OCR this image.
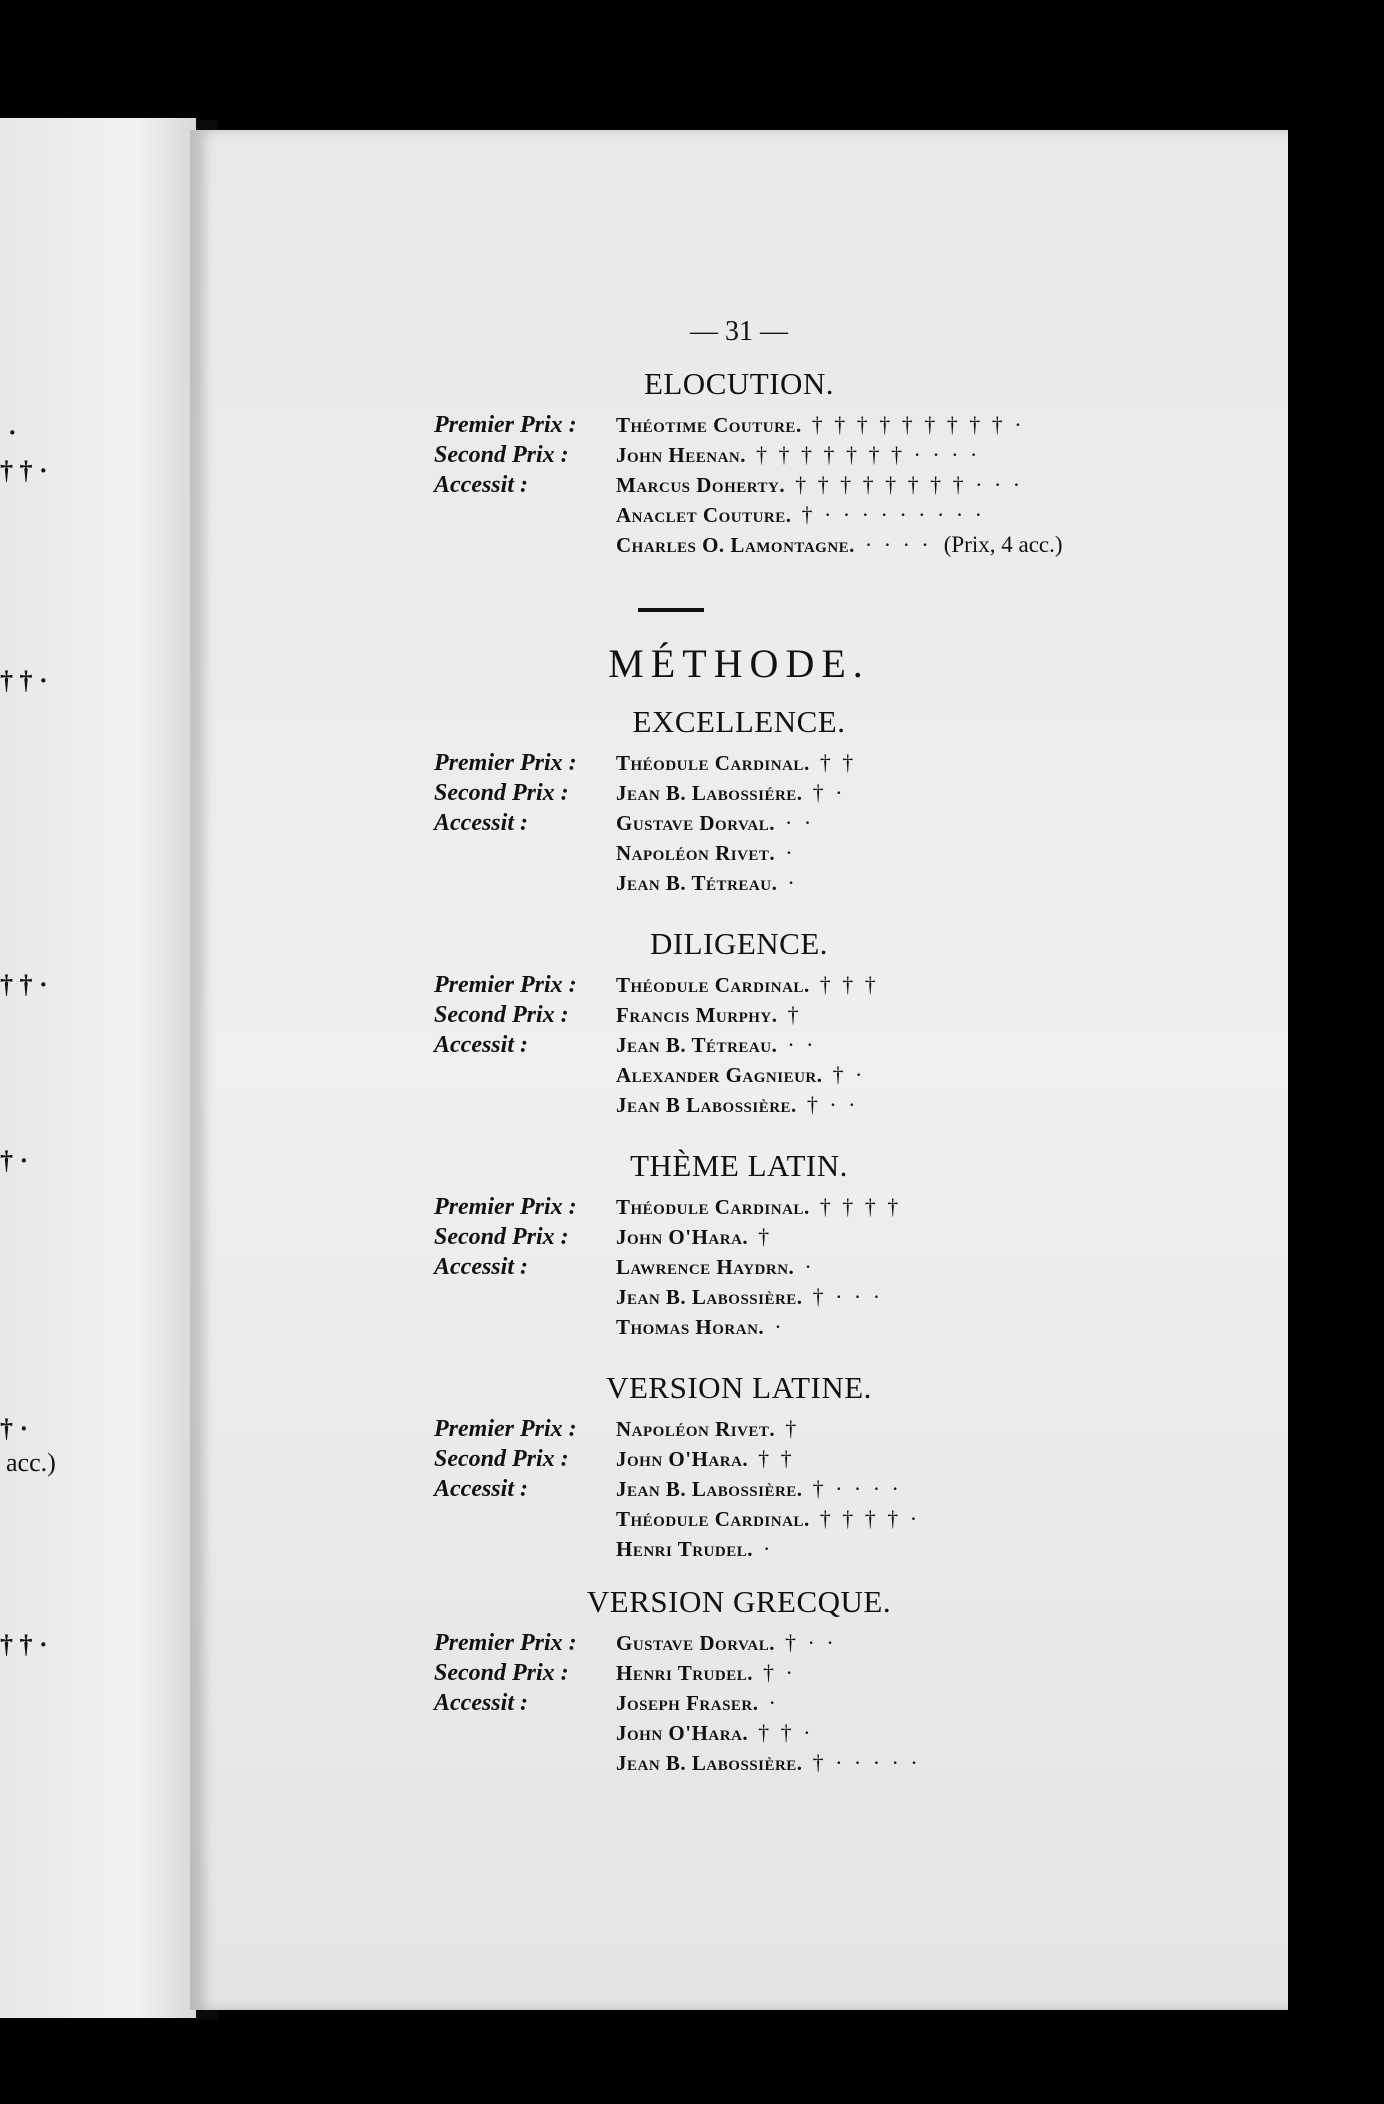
·
† † ·
† † ·
† † ·
† ·
† ·
acc.)
† † ·
— 31 —
ELOCUTION.
Premier Prix :	Théotime Couture. † † † † † † † † † ·
Second Prix :	John Heenan. † † † † † † † · · · ·
Accessit :	Marcus Doherty. † † † † † † † † · · ·
Anaclet Couture. † · · · · · · · · ·
Charles O. Lamontagne. · · · · (Prix, 4 acc.)
MÉTHODE.
EXCELLENCE.
Premier Prix :	Théodule Cardinal. † †
Second Prix :	Jean B. Labossiére. † ·
Accessit :	Gustave Dorval. · ·
Napoléon Rivet. ·
Jean B. Tétreau. ·
DILIGENCE.
Premier Prix :	Théodule Cardinal. † † †
Second Prix :	Francis Murphy. †
Accessit :	Jean B. Tétreau. · ·
Alexander Gagnieur. † ·
Jean B Labossière. † · ·
THÈME LATIN.
Premier Prix :	Théodule Cardinal. † † † †
Second Prix :	John O'Hara. †
Accessit :	Lawrence Haydrn. ·
Jean B. Labossière. † · · ·
Thomas Horan. ·
VERSION LATINE.
Premier Prix :	Napoléon Rivet. †
Second Prix :	John O'Hara. † †
Accessit :	Jean B. Labossière. † · · · ·
Théodule Cardinal. † † † † ·
Henri Trudel. ·
VERSION GRECQUE.
Premier Prix :	Gustave Dorval. † · ·
Second Prix :	Henri Trudel. † ·
Accessit :	Joseph Fraser. ·
John O'Hara. † † ·
Jean B. Labossière. † · · · · ·
